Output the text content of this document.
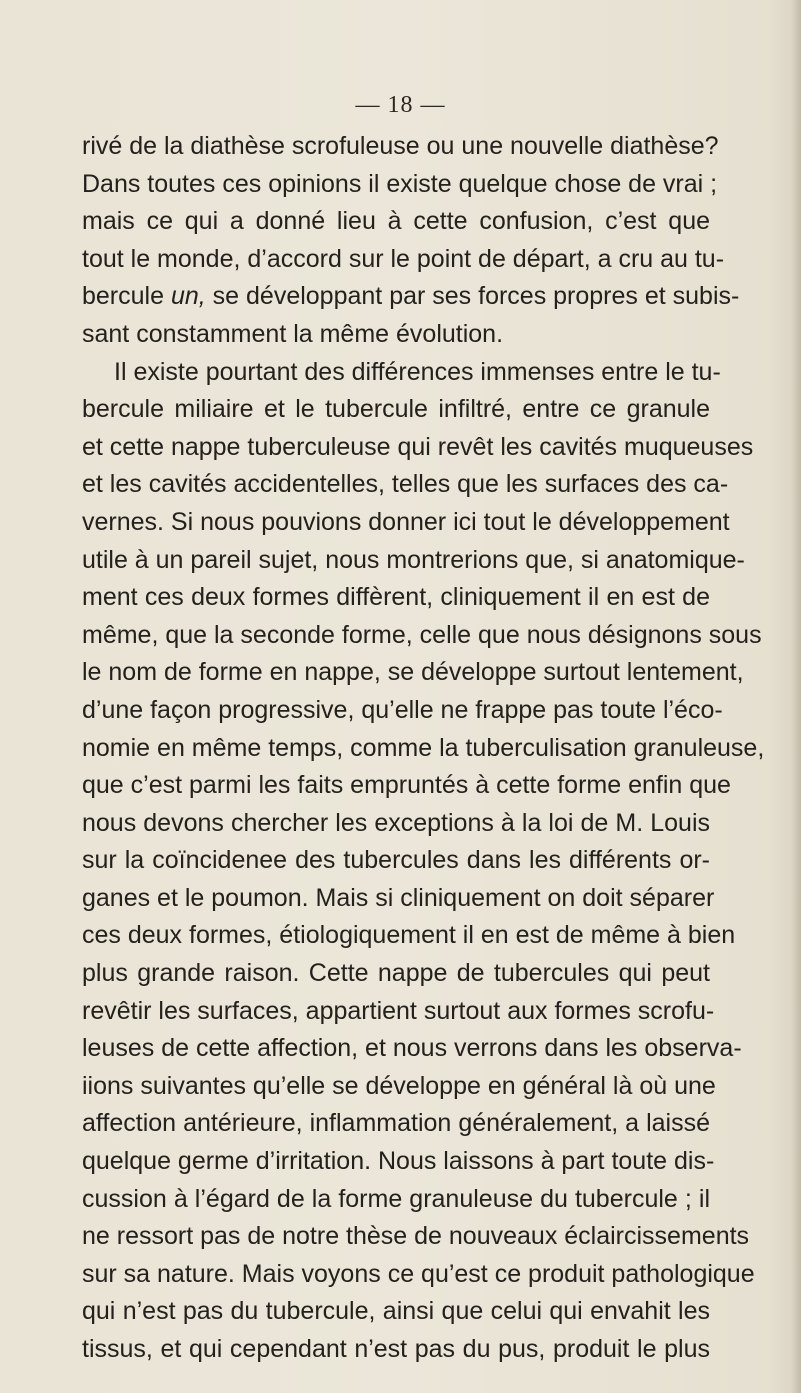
— 18 —
rivé de la diathèse scrofuleuse ou une nouvelle diathèse?
Dans toutes ces opinions il existe quelque chose de vrai ;
mais ce qui a donné lieu à cette confusion, c’est que
tout le monde, d’accord sur le point de départ, a cru au tu-
bercule un, se développant par ses forces propres et subis-
sant constamment la même évolution.
Il existe pourtant des différences immenses entre le tu-
bercule miliaire et le tubercule infiltré, entre ce granule
et cette nappe tuberculeuse qui revêt les cavités muqueuses
et les cavités accidentelles, telles que les surfaces des ca-
vernes. Si nous pouvions donner ici tout le développement
utile à un pareil sujet, nous montrerions que, si anatomique-
ment ces deux formes diffèrent, cliniquement il en est de
même, que la seconde forme, celle que nous désignons sous
le nom de forme en nappe, se développe surtout lentement,
d’une façon progressive, qu’elle ne frappe pas toute l’éco-
nomie en même temps, comme la tuberculisation granuleuse,
que c’est parmi les faits empruntés à cette forme enfin que
nous devons chercher les exceptions à la loi de M. Louis
sur la coïncidenee des tubercules dans les différents or-
ganes et le poumon. Mais si cliniquement on doit séparer
ces deux formes, étiologiquement il en est de même à bien
plus grande raison. Cette nappe de tubercules qui peut
revêtir les surfaces, appartient surtout aux formes scrofu-
leuses de cette affection, et nous verrons dans les observa-
iions suivantes qu’elle se développe en général là où une
affection antérieure, inflammation généralement, a laissé
quelque germe d’irritation. Nous laissons à part toute dis-
cussion à l’égard de la forme granuleuse du tubercule ; il
ne ressort pas de notre thèse de nouveaux éclaircissements
sur sa nature. Mais voyons ce qu’est ce produit pathologique
qui n’est pas du tubercule, ainsi que celui qui envahit les
tissus, et qui cependant n’est pas du pus, produit le plus
